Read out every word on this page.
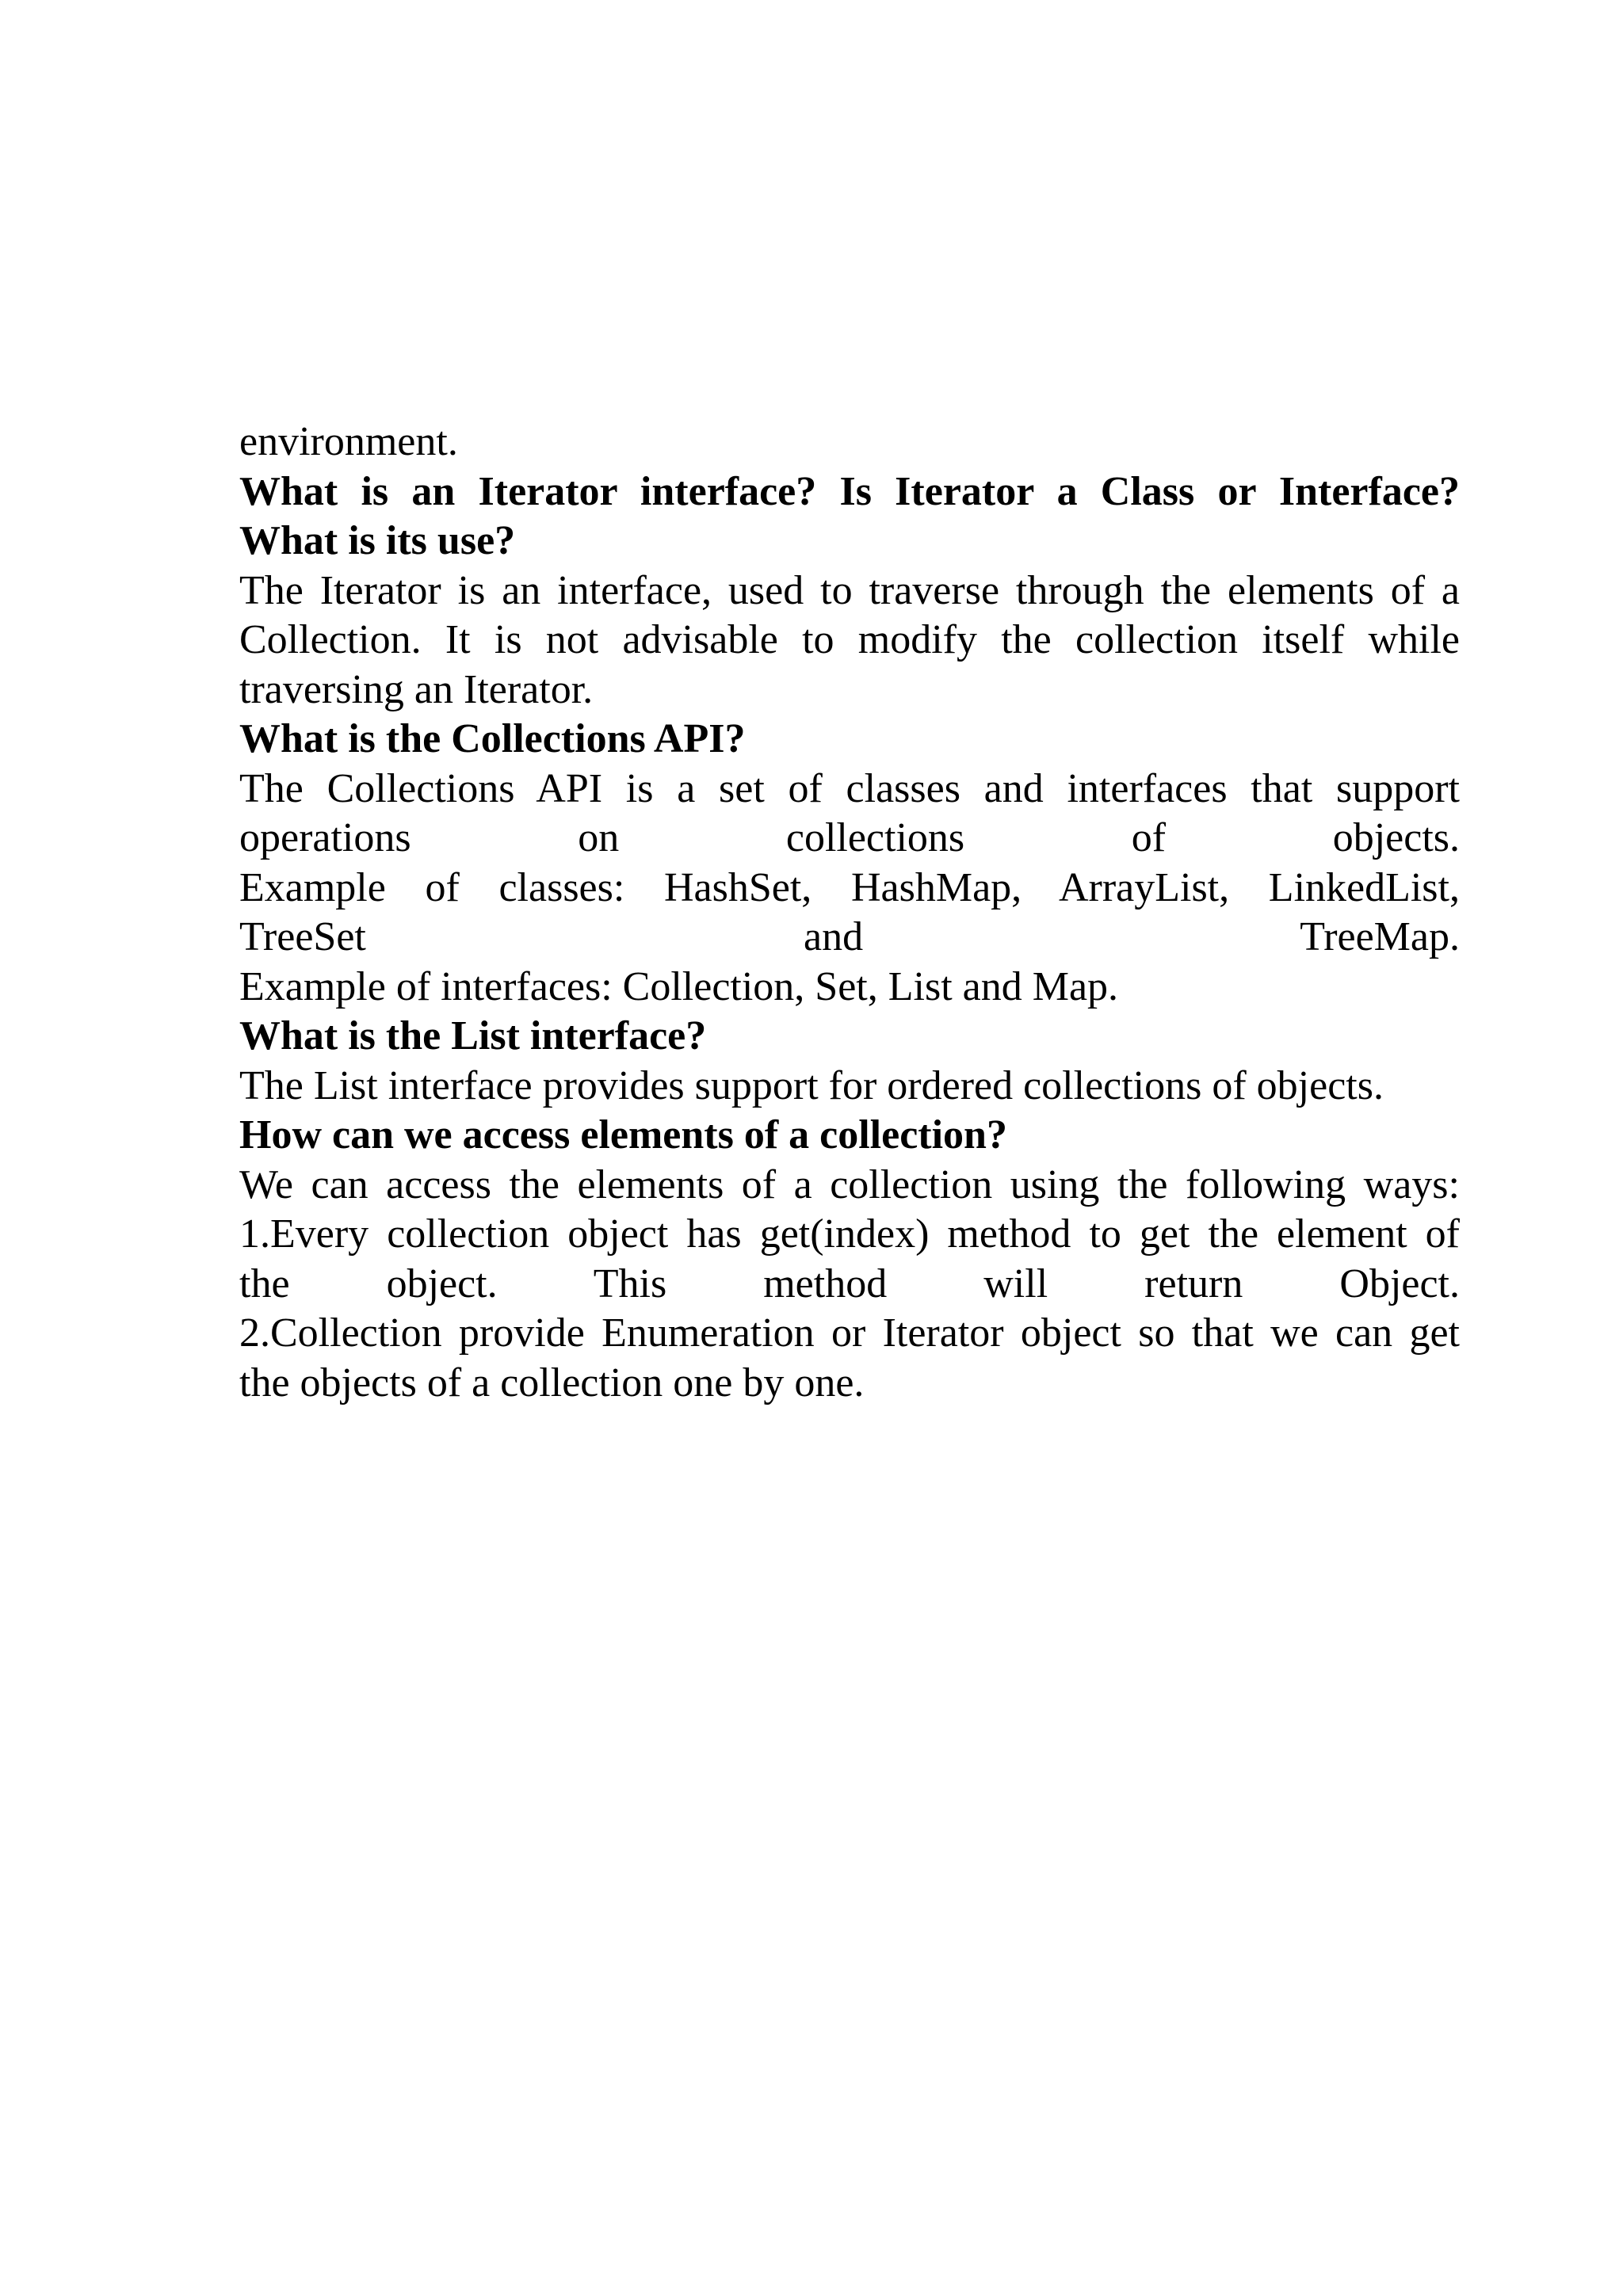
environment.

What is an Iterator interface? Is Iterator a Class or Interface?
What is its use?

The Iterator is an interface, used to traverse through the elements of a
Collection. It is not advisable to modify the collection itself while
traversing an Iterator.

What is the Collections API?

The Collections API is a set of classes and interfaces that support
operations on collections of objects.
Example of classes: HashSet, HashMap, ArrayList, LinkedList,
TreeSet and TreeMap.
Example of interfaces: Collection, Set, List and Map.

What is the List interface?

The List interface provides support for ordered collections of objects.

How can we access elements of a collection?

We can access the elements of a collection using the following ways:
1.Every collection object has get(index) method to get the element of
the object. This method will return Object.
2.Collection provide Enumeration or Iterator object so that we can get
the objects of a collection one by one.
